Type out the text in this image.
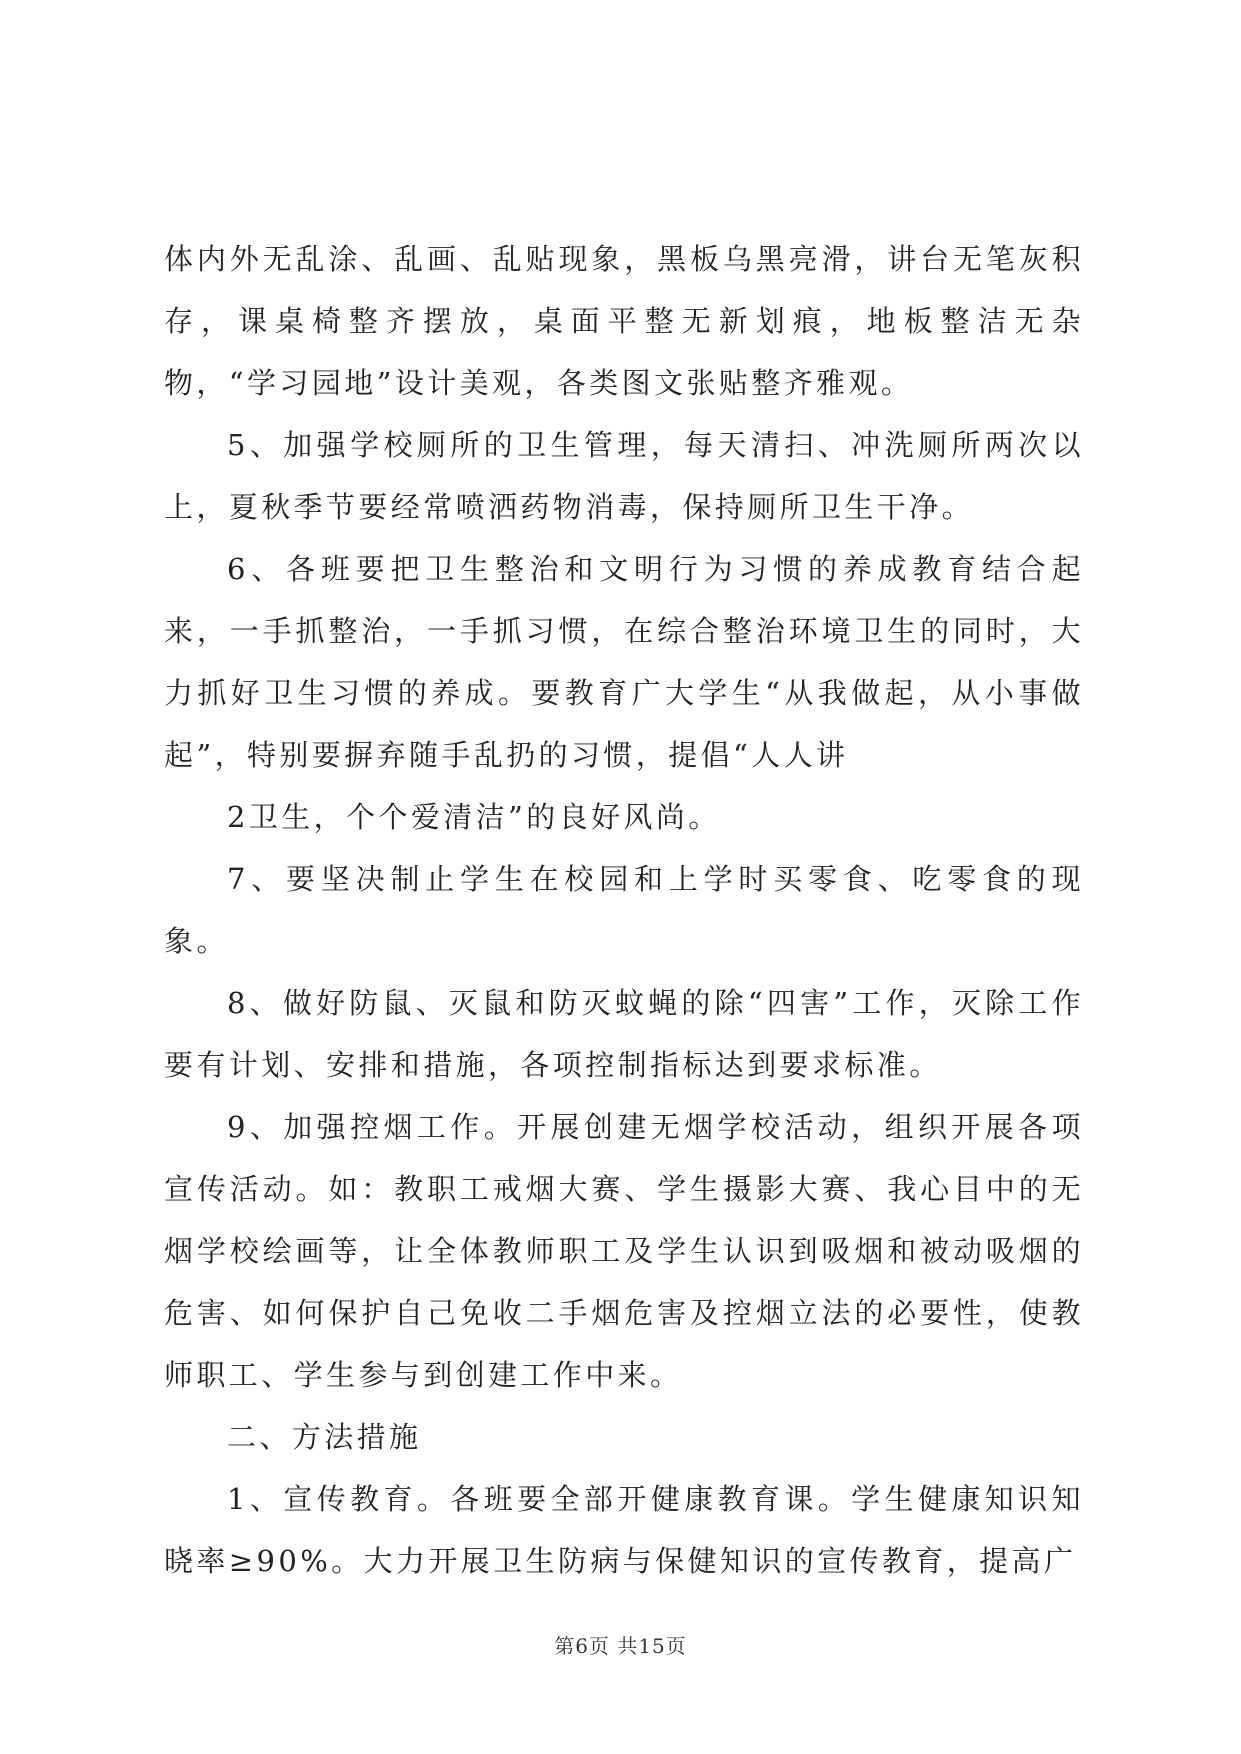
体内外无乱涂、乱画、乱贴现象，黑板乌黑亮滑，讲台无笔灰积存，课桌椅整齐摆放，桌面平整无新划痕，地板整洁无杂物，“学习园地”设计美观，各类图文张贴整齐雅观。

5、加强学校厕所的卫生管理，每天清扫、冲洗厕所两次以上，夏秋季节要经常喷洒药物消毒，保持厕所卫生干净。

6、各班要把卫生整治和文明行为习惯的养成教育结合起来，一手抓整治，一手抓习惯，在综合整治环境卫生的同时，大力抓好卫生习惯的养成。要教育广大学生“从我做起，从小事做起”，特别要摒弃随手乱扔的习惯，提倡“人人讲

2卫生，个个爱清洁”的良好风尚。

7、要坚决制止学生在校园和上学时买零食、吃零食的现象。

8、做好防鼠、灭鼠和防灭蚊蝇的除“四害”工作，灭除工作要有计划、安排和措施，各项控制指标达到要求标准。

9、加强控烟工作。开展创建无烟学校活动，组织开展各项宣传活动。如：教职工戒烟大赛、学生摄影大赛、我心目中的无烟学校绘画等，让全体教师职工及学生认识到吸烟和被动吸烟的危害、如何保护自己免收二手烟危害及控烟立法的必要性，使教师职工、学生参与到创建工作中来。

二、方法措施

1、宣传教育。各班要全部开健康教育课。学生健康知识知晓率≥90%。大力开展卫生防病与保健知识的宣传教育，提高广

第6页 共15页
